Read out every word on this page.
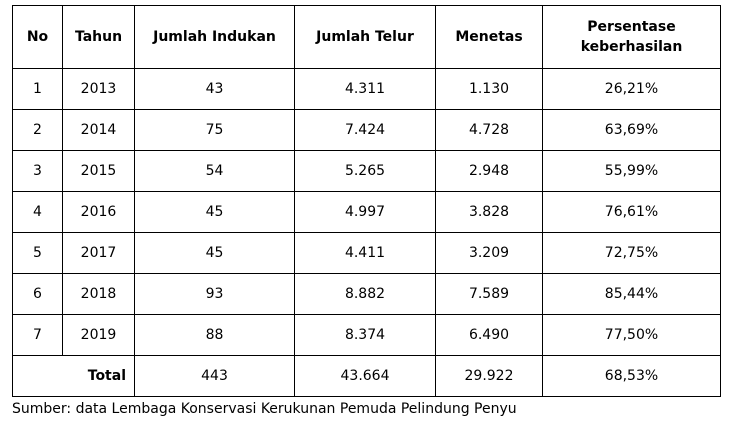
No	Tahun	Jumlah Indukan	Jumlah Telur	Menetas	Persentase
keberhasilan
1	2013	43	4.311	1.130	26,21%
2	2014	75	7.424	4.728	63,69%
3	2015	54	5.265	2.948	55,99%
4	2016	45	4.997	3.828	76,61%
5	2017	45	4.411	3.209	72,75%
6	2018	93	8.882	7.589	85,44%
7	2019	88	8.374	6.490	77,50%
Total		443	43.664	29.922	68,53%
Sumber: data Lembaga Konservasi Kerukunan Pemuda Pelindung Penyu
